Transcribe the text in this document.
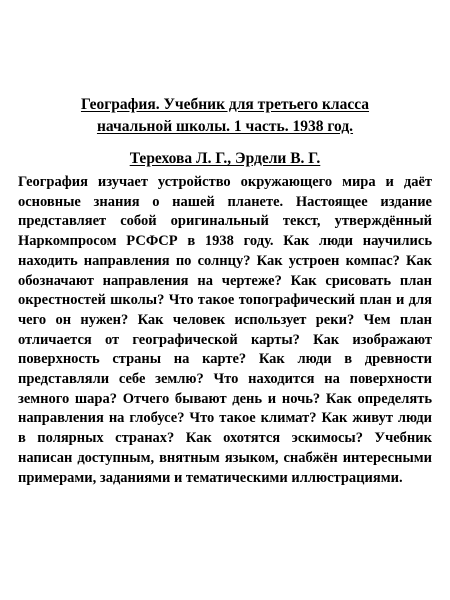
География. Учебник для третьего класса
начальной школы. 1 часть. 1938 год.

Терехова Л. Г., Эрдели В. Г.

География изучает устройство окружающего мира и даёт основные знания о нашей планете. Настоящее издание представляет собой оригинальный текст, утверждённый Наркомпросом РСФСР в 1938 году. Как люди научились находить направления по солнцу? Как устроен компас? Как обозначают направления на чертеже? Как срисовать план окрестностей школы? Что такое топографический план и для чего он нужен? Как человек использует реки? Чем план отличается от географической карты? Как изображают поверхность страны на карте? Как люди в древности представляли себе землю? Что находится на поверхности земного шара? Отчего бывают день и ночь? Как определять направления на глобусе? Что такое климат? Как живут люди в полярных странах? Как охотятся эскимосы? Учебник написан доступным, внятным языком, снабжён интересными примерами, заданиями и тематическими иллюстрациями.
